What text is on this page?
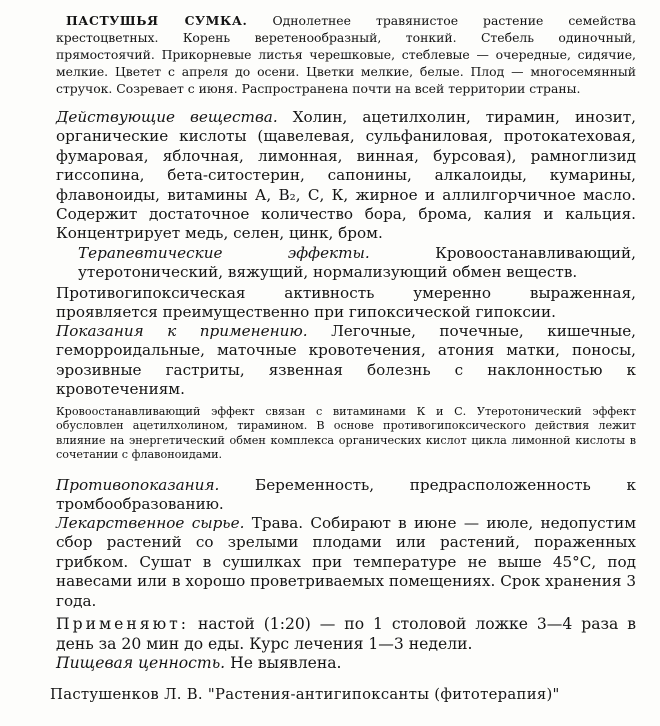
ПАСТУШЬЯ СУМКА. Однолетнее травянистое растение семейства крестоцветных. Корень веретенообразный, тонкий. Стебель одиночный, прямостоячий. Прикорневые листья черешковые, стеблевые — очередные, сидячие, мелкие. Цветет с апреля до осени. Цветки мелкие, белые. Плод — многосемянный стручок. Созревает с июня. Распространена почти на всей территории страны.

Действующие вещества. Холин, ацетилхолин, тирамин, инозит, органические кислоты (щавелевая, сульфаниловая, протокатеховая, фумаровая, яблочная, лимонная, винная, бурсовая), рамноглизид гиссопина, бета-ситостерин, сапонины, алкалоиды, кумарины, флавоноиды, витамины А, В₂, С, К, жирное и аллилгорчичное масло. Содержит достаточное количество бора, брома, калия и кальция. Концентрирует медь, селен, цинк, бром.

Терапевтические эффекты.	Кровоостанавливающий, утеротонический, вяжущий, нормализующий обмен веществ.

Противогипоксическая активность умеренно выраженная, проявляется преимущественно при гипоксической гипоксии.

Показания к применению. Легочные, почечные, кишечные, геморроидальные, маточные кровотечения, атония матки, поносы, эрозивные гастриты, язвенная болезнь с наклонностью к кровотечениям.

Кровоостанавливающий эффект связан с витаминами К и С. Утеротонический эффект обусловлен ацетилхолином, тирамином. В основе противогипоксического действия лежит влияние на энергетический обмен комплекса органических кислот цикла лимонной кислоты в сочетании с флавоноидами.

Противопоказания. Беременность, предрасположенность к тромбообразованию.

Лекарственное сырье. Трава. Собирают в июне — июле, недопустим сбор растений со зрелыми плодами или растений, пораженных грибком. Сушат в сушилках при температуре не выше 45°С, под навесами или в хорошо проветриваемых помещениях. Срок хранения 3 года.

Применяют: настой (1:20) — по 1 столовой ложке 3—4 раза в день за 20 мин до еды. Курс лечения 1—3 недели.

Пищевая ценность. Не выявлена.

Пастушенков Л. В. "Растения-антигипоксанты (фитотерапия)"
